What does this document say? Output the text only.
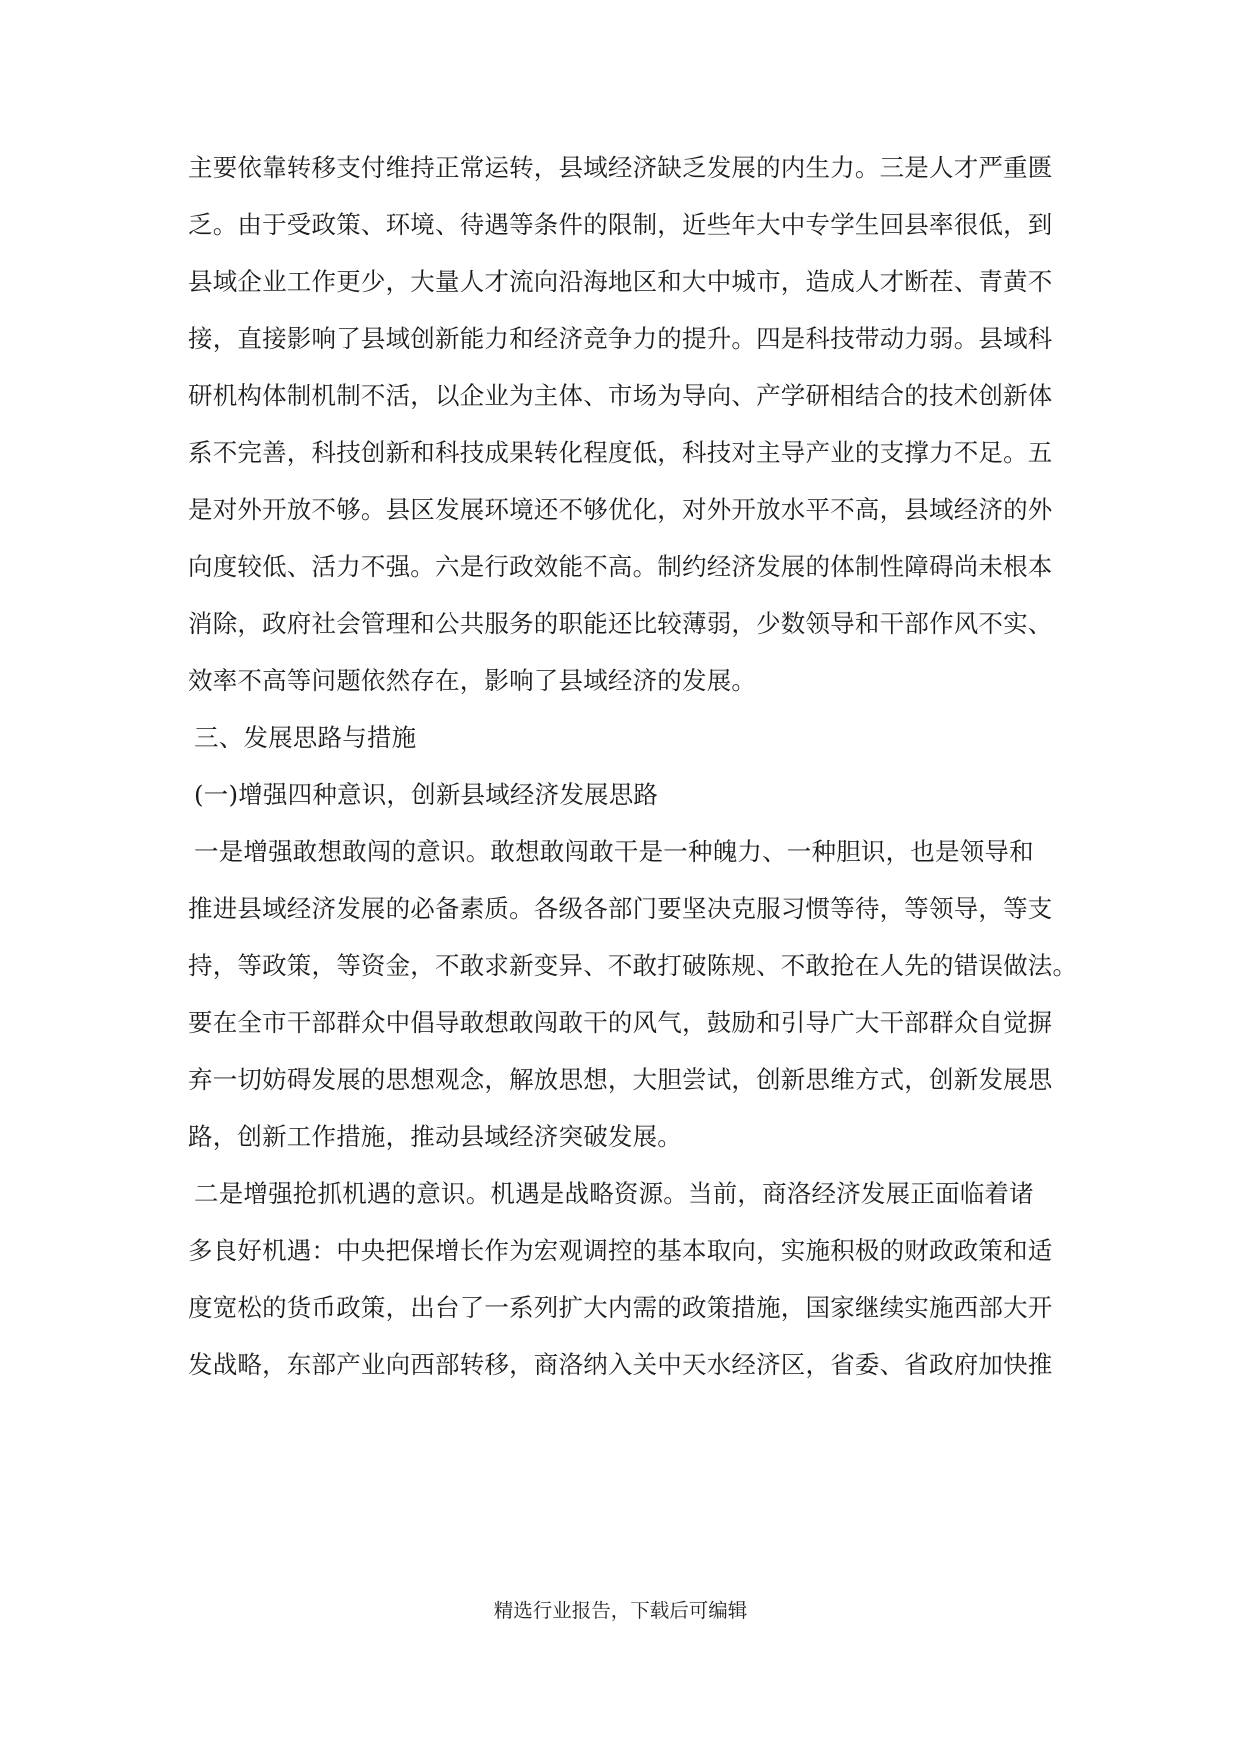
主要依靠转移支付维持正常运转，县域经济缺乏发展的内生力。三是人才严重匮
乏。由于受政策、环境、待遇等条件的限制，近些年大中专学生回县率很低，到
县域企业工作更少，大量人才流向沿海地区和大中城市，造成人才断茬、青黄不
接，直接影响了县域创新能力和经济竞争力的提升。四是科技带动力弱。县域科
研机构体制机制不活，以企业为主体、市场为导向、产学研相结合的技术创新体
系不完善，科技创新和科技成果转化程度低，科技对主导产业的支撑力不足。五
是对外开放不够。县区发展环境还不够优化，对外开放水平不高，县域经济的外
向度较低、活力不强。六是行政效能不高。制约经济发展的体制性障碍尚未根本
消除，政府社会管理和公共服务的职能还比较薄弱，少数领导和干部作风不实、
效率不高等问题依然存在，影响了县域经济的发展。
三、发展思路与措施
(一)增强四种意识，创新县域经济发展思路
一是增强敢想敢闯的意识。敢想敢闯敢干是一种魄力、一种胆识，也是领导和
推进县域经济发展的必备素质。各级各部门要坚决克服习惯等待，等领导，等支
持，等政策，等资金，不敢求新变异、不敢打破陈规、不敢抢在人先的错误做法。
要在全市干部群众中倡导敢想敢闯敢干的风气，鼓励和引导广大干部群众自觉摒
弃一切妨碍发展的思想观念，解放思想，大胆尝试，创新思维方式，创新发展思
路，创新工作措施，推动县域经济突破发展。
二是增强抢抓机遇的意识。机遇是战略资源。当前，商洛经济发展正面临着诸
多良好机遇：中央把保增长作为宏观调控的基本取向，实施积极的财政政策和适
度宽松的货币政策，出台了一系列扩大内需的政策措施，国家继续实施西部大开
发战略，东部产业向西部转移，商洛纳入关中天水经济区，省委、省政府加快推
精选行业报告，下载后可编辑
